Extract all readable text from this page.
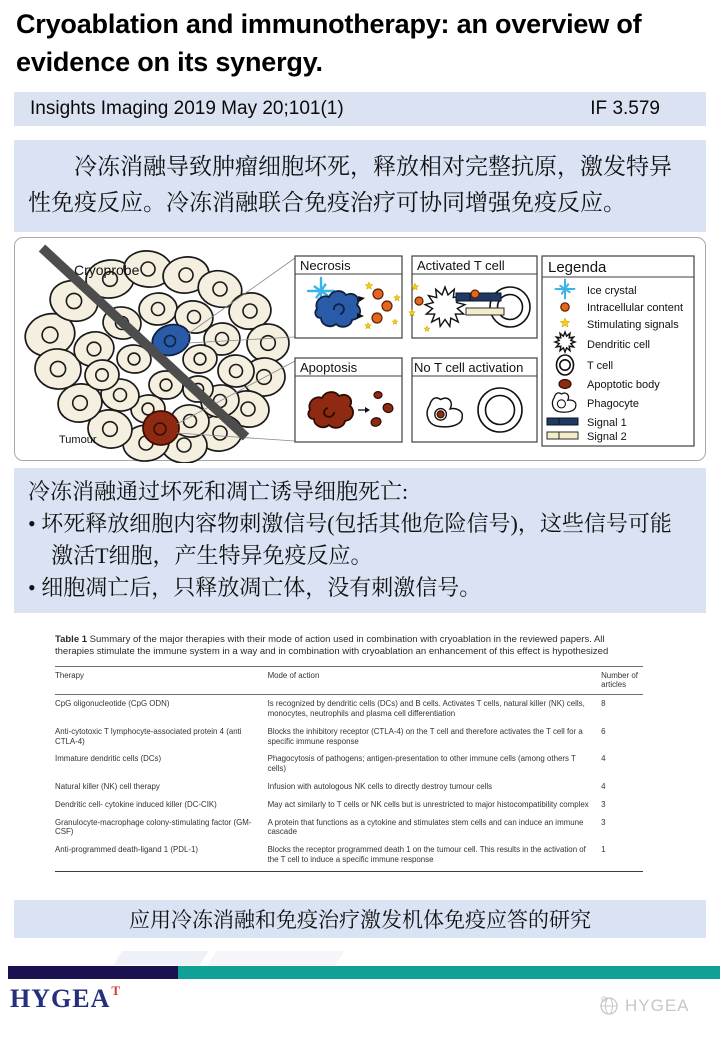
Cryoablation and immunotherapy: an overview of evidence on its synergy.
Insights Imaging 2019 May 20;101(1)	IF 3.579

冷冻消融导致肿瘤细胞坏死，释放相对完整抗原，激发特异性免疫反应。冷冻消融联合免疫治疗可协同增强免疫反应。

Cryoprobe
Tumour
Necrosis	Activated T cell
Apoptosis	No T cell activation
Legenda
Ice crystal
Intracellular content
Stimulating signals
Dendritic cell
T cell
Apoptotic body
Phagocyte
Signal 1
Signal 2
冷冻消融通过坏死和凋亡诱导细胞死亡:
• 坏死释放细胞内容物刺激信号(包括其他危险信号)，这些信号可能激活T细胞，产生特异免疫反应。
• 细胞凋亡后，只释放凋亡体，没有刺激信号。
Table 1 Summary of the major therapies with their mode of action used in combination with cryoablation in the reviewed papers. All therapies stimulate the immune system in a way and in combination with cryoablation an enhancement of this effect is hypothesized
Therapy	Mode of action	Number of articles
CpG oligonucleotide (CpG ODN)	Is recognized by dendritic cells (DCs) and B cells. Activates T cells, natural killer (NK) cells, monocytes, neutrophils and plasma cell differentiation	8
Anti-cytotoxic T lymphocyte-associated protein 4 (anti CTLA-4)	Blocks the inhibitory receptor (CTLA-4) on the T cell and therefore activates the T cell for a specific immune response	6
Immature dendritic cells (DCs)	Phagocytosis of pathogens; antigen-presentation to other immune cells (among others T cells)	4
Natural killer (NK) cell therapy	Infusion with autologous NK cells to directly destroy tumour cells	4
Dendritic cell- cytokine induced killer (DC-CIK)	May act similarly to T cells or NK cells but is unrestricted to major histocompatibility complex	3
Granulocyte-macrophage colony-stimulating factor (GM-CSF)	A protein that functions as a cytokine and stimulates stem cells and can induce an immune cascade	3
Anti-programmed death-ligand 1 (PDL-1)	Blocks the receptor programmed death 1 on the tumour cell. This results in the activation of the T cell to induce a specific immune response	1
应用冷冻消融和免疫治疗激发机体免疫应答的研究
$HYGEA^T$
HYGEA
